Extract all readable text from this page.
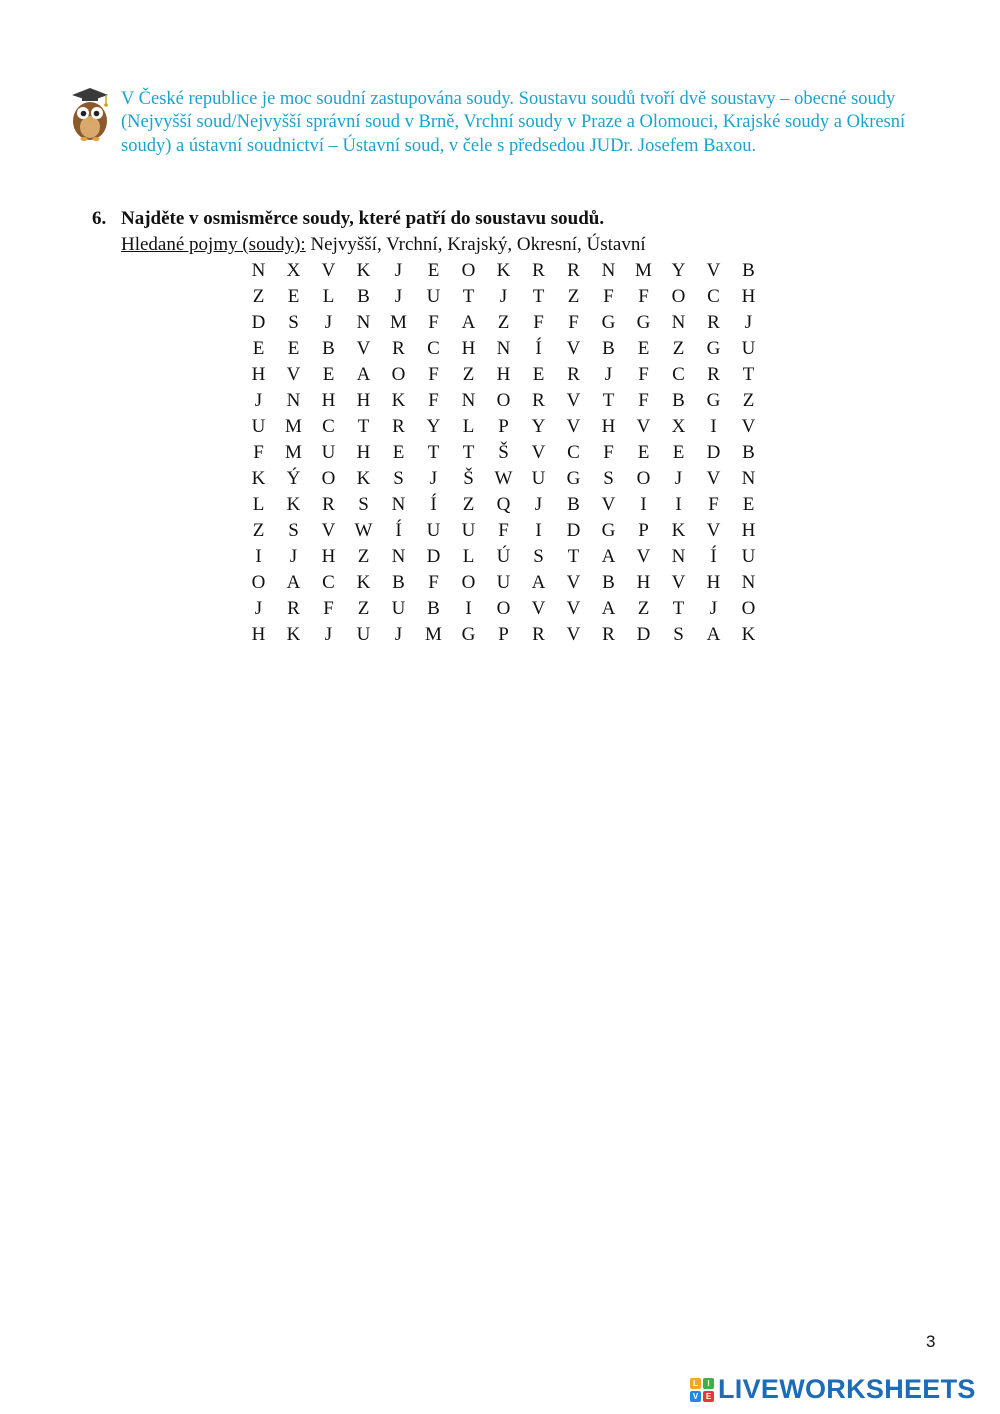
V České republice je moc soudní zastupována soudy. Soustavu soudů tvoří dvě soustavy – obecné soudy (Nejvyšší soud/Nejvyšší správní soud v Brně, Vrchní soudy v Praze a Olomouci, Krajské soudy a Okresní soudy) a ústavní soudnictví – Ústavní soud, v čele s předsedou JUDr. Josefem Baxou.

6. Najděte v osmisměrce soudy, které patří do soustavu soudů.
Hledané pojmy (soudy): Nejvyšší, Vrchní, Krajský, Okresní, Ústavní
N	X	V	K	J	E	O	K	R	R	N	M	Y	V	B
Z	E	L	B	J	U	T	J	T	Z	F	F	O	C	H
D	S	J	N	M	F	A	Z	F	F	G	G	N	R	J
E	E	B	V	R	C	H	N	Í	V	B	E	Z	G	U
H	V	E	A	O	F	Z	H	E	R	J	F	C	R	T
J	N	H	H	K	F	N	O	R	V	T	F	B	G	Z
U	M	C	T	R	Y	L	P	Y	V	H	V	X	I	V
F	M	U	H	E	T	T	Š	V	C	F	E	E	D	B
K	Ý	O	K	S	J	Š	W	U	G	S	O	J	V	N
L	K	R	S	N	Í	Z	Q	J	B	V	I	I	F	E
Z	S	V	W	Í	U	U	F	I	D	G	P	K	V	H
I	J	H	Z	N	D	L	Ú	S	T	A	V	N	Í	U
O	A	C	K	B	F	O	U	A	V	B	H	V	H	N
J	R	F	Z	U	B	I	O	V	V	A	Z	T	J	O
H	K	J	U	J	M	G	P	R	V	R	D	S	A	K
3
L	I
V E LIVEWORKSHEETS
